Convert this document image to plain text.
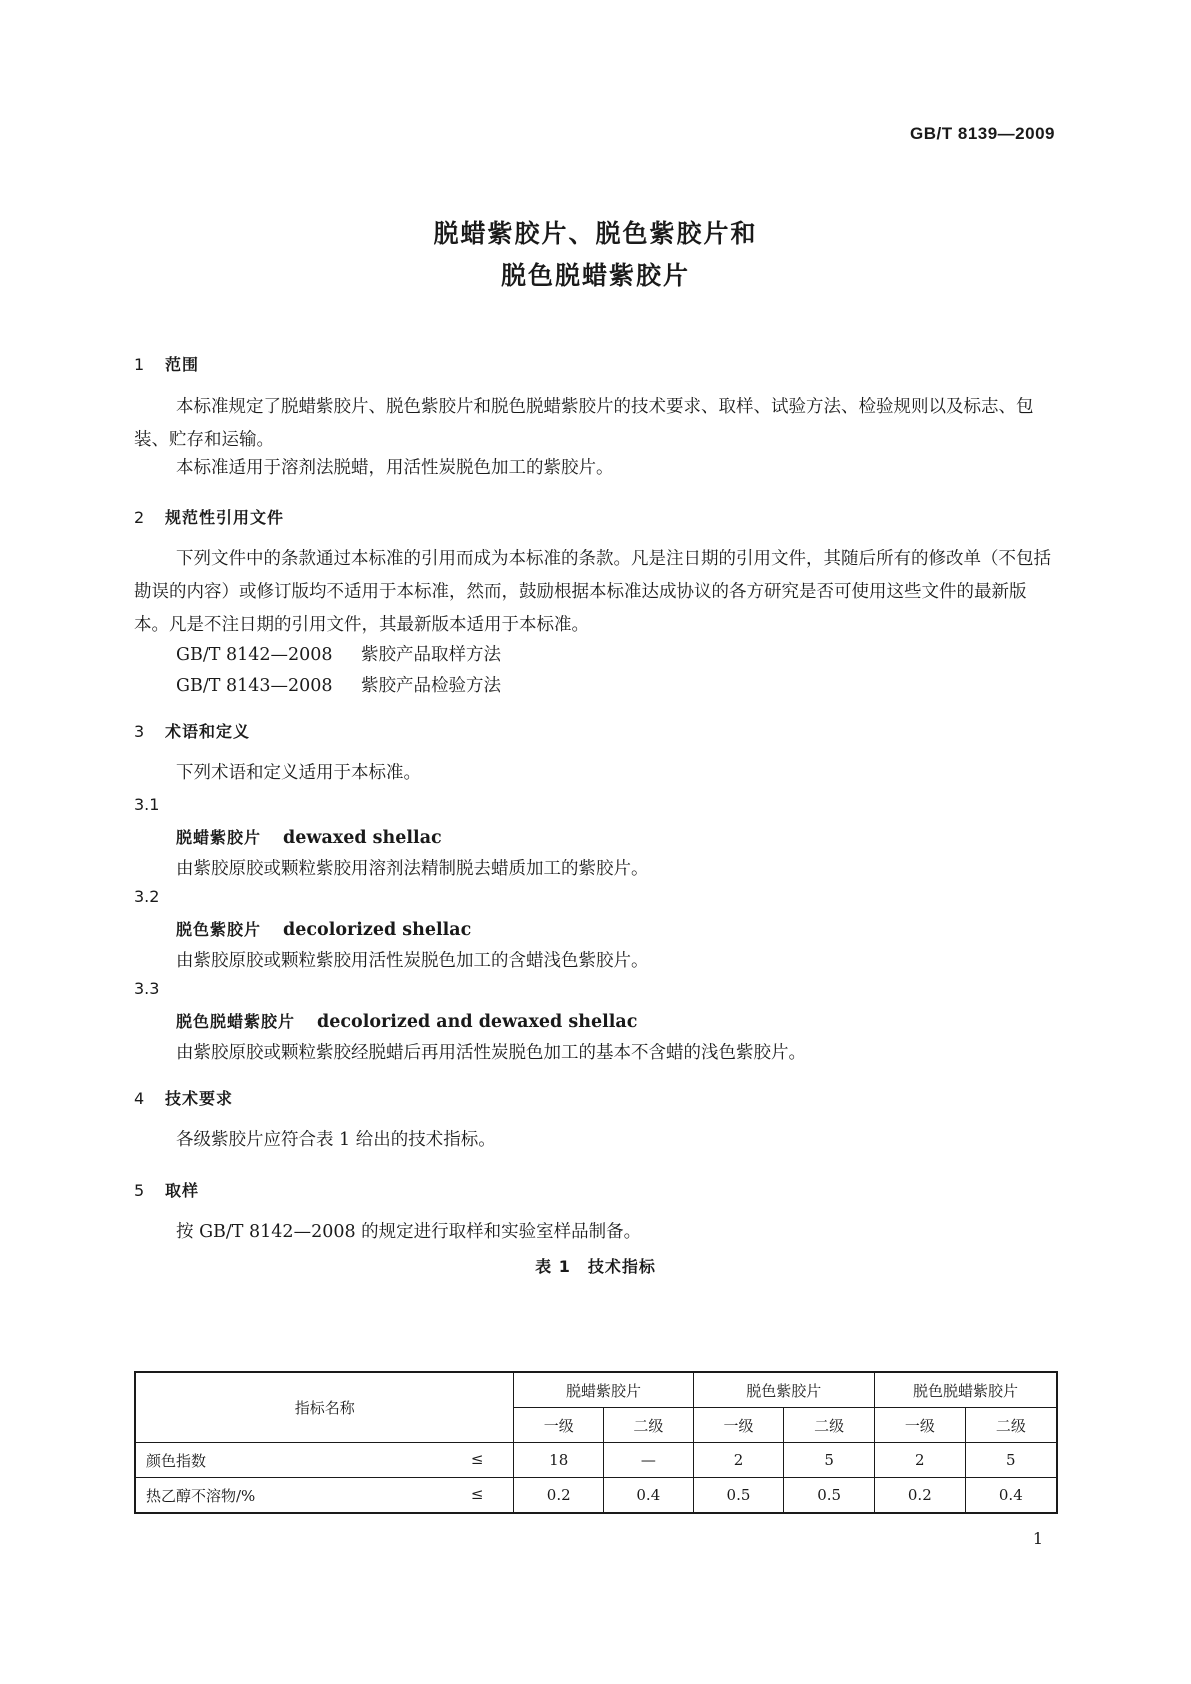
GB/T 8139—2009
脱蜡紫胶片、脱色紫胶片和
脱色脱蜡紫胶片
1 范围
本标准规定了脱蜡紫胶片、脱色紫胶片和脱色脱蜡紫胶片的技术要求、取样、试验方法、检验规则以及标志、包装、贮存和运输。
本标准适用于溶剂法脱蜡，用活性炭脱色加工的紫胶片。
2 规范性引用文件
下列文件中的条款通过本标准的引用而成为本标准的条款。凡是注日期的引用文件，其随后所有的修改单（不包括勘误的内容）或修订版均不适用于本标准，然而，鼓励根据本标准达成协议的各方研究是否可使用这些文件的最新版本。凡是不注日期的引用文件，其最新版本适用于本标准。
GB/T 8142—2008 紫胶产品取样方法
GB/T 8143—2008 紫胶产品检验方法
3 术语和定义
下列术语和定义适用于本标准。
3.1
脱蜡紫胶片 dewaxed shellac
由紫胶原胶或颗粒紫胶用溶剂法精制脱去蜡质加工的紫胶片。
3.2
脱色紫胶片 decolorized shellac
由紫胶原胶或颗粒紫胶用活性炭脱色加工的含蜡浅色紫胶片。
3.3
脱色脱蜡紫胶片 decolorized and dewaxed shellac
由紫胶原胶或颗粒紫胶经脱蜡后再用活性炭脱色加工的基本不含蜡的浅色紫胶片。
4 技术要求
各级紫胶片应符合表 1 给出的技术指标。
5 取样
按 GB/T 8142—2008 的规定进行取样和实验室样品制备。
表 1　技术指标
指标名称	脱蜡紫胶片		脱色紫胶片		脱色脱蜡紫胶片	
	一级	二级	一级	二级	一级	二级
颜色指数 ≤	18	—	2	5	2	5
热乙醇不溶物/% ≤	0.2	0.4	0.5	0.5	0.2	0.4
1
